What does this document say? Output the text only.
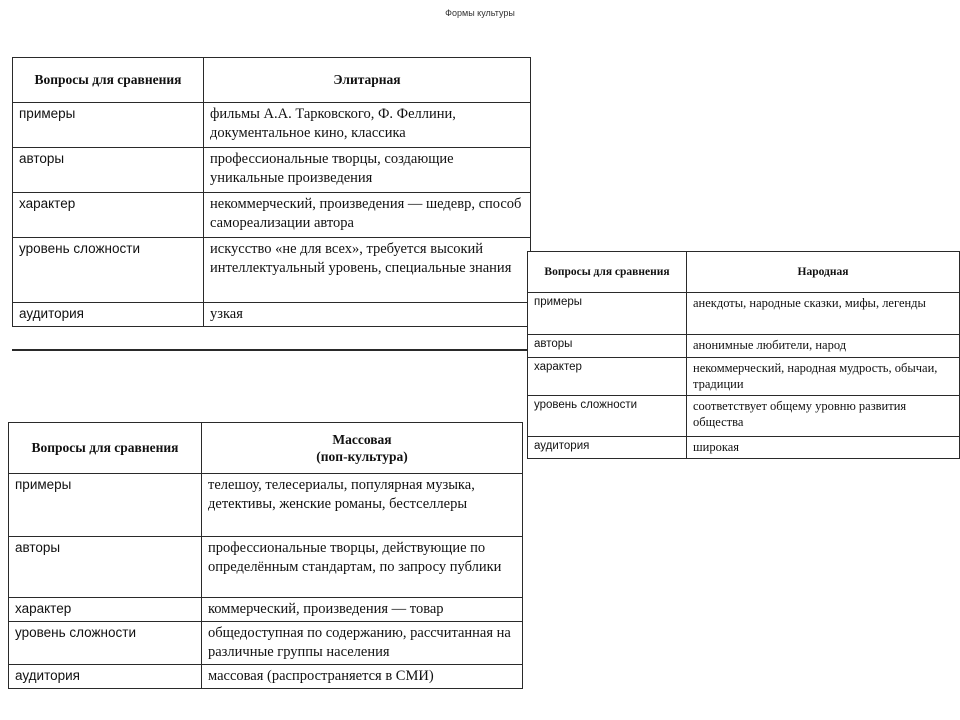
Формы культуры
Вопросы для сравнения	Элитарная
примеры	фильмы А.А. Тарковского, Ф. Феллини, документальное кино, классика
авторы	профессиональные творцы, создающие уникальные произведения
характер	некоммерческий, произведения — шедевр, способ самореализации автора
уровень сложности	искусство «не для всех», требуется высокий интеллектуальный уровень, специальные знания
аудитория	узкая
Вопросы для сравнения	Народная
примеры	анекдоты, народные сказки, мифы, легенды
авторы	анонимные любители, народ
характер	некоммерческий, народная мудрость, обычаи, традиции
уровень сложности	соответствует общему уровню развития общества
аудитория	широкая
Вопросы для сравнения	Массовая
(поп-культура)

примеры	телешоу, телесериалы, популярная музыка, детективы, женские романы, бестселлеры
авторы	профессиональные творцы, действующие по определённым стандартам, по запросу публики
характер	коммерческий, произведения — товар
уровень сложности	общедоступная по содержанию, рассчитанная на различные группы населения
аудитория	массовая (распространяется в СМИ)
